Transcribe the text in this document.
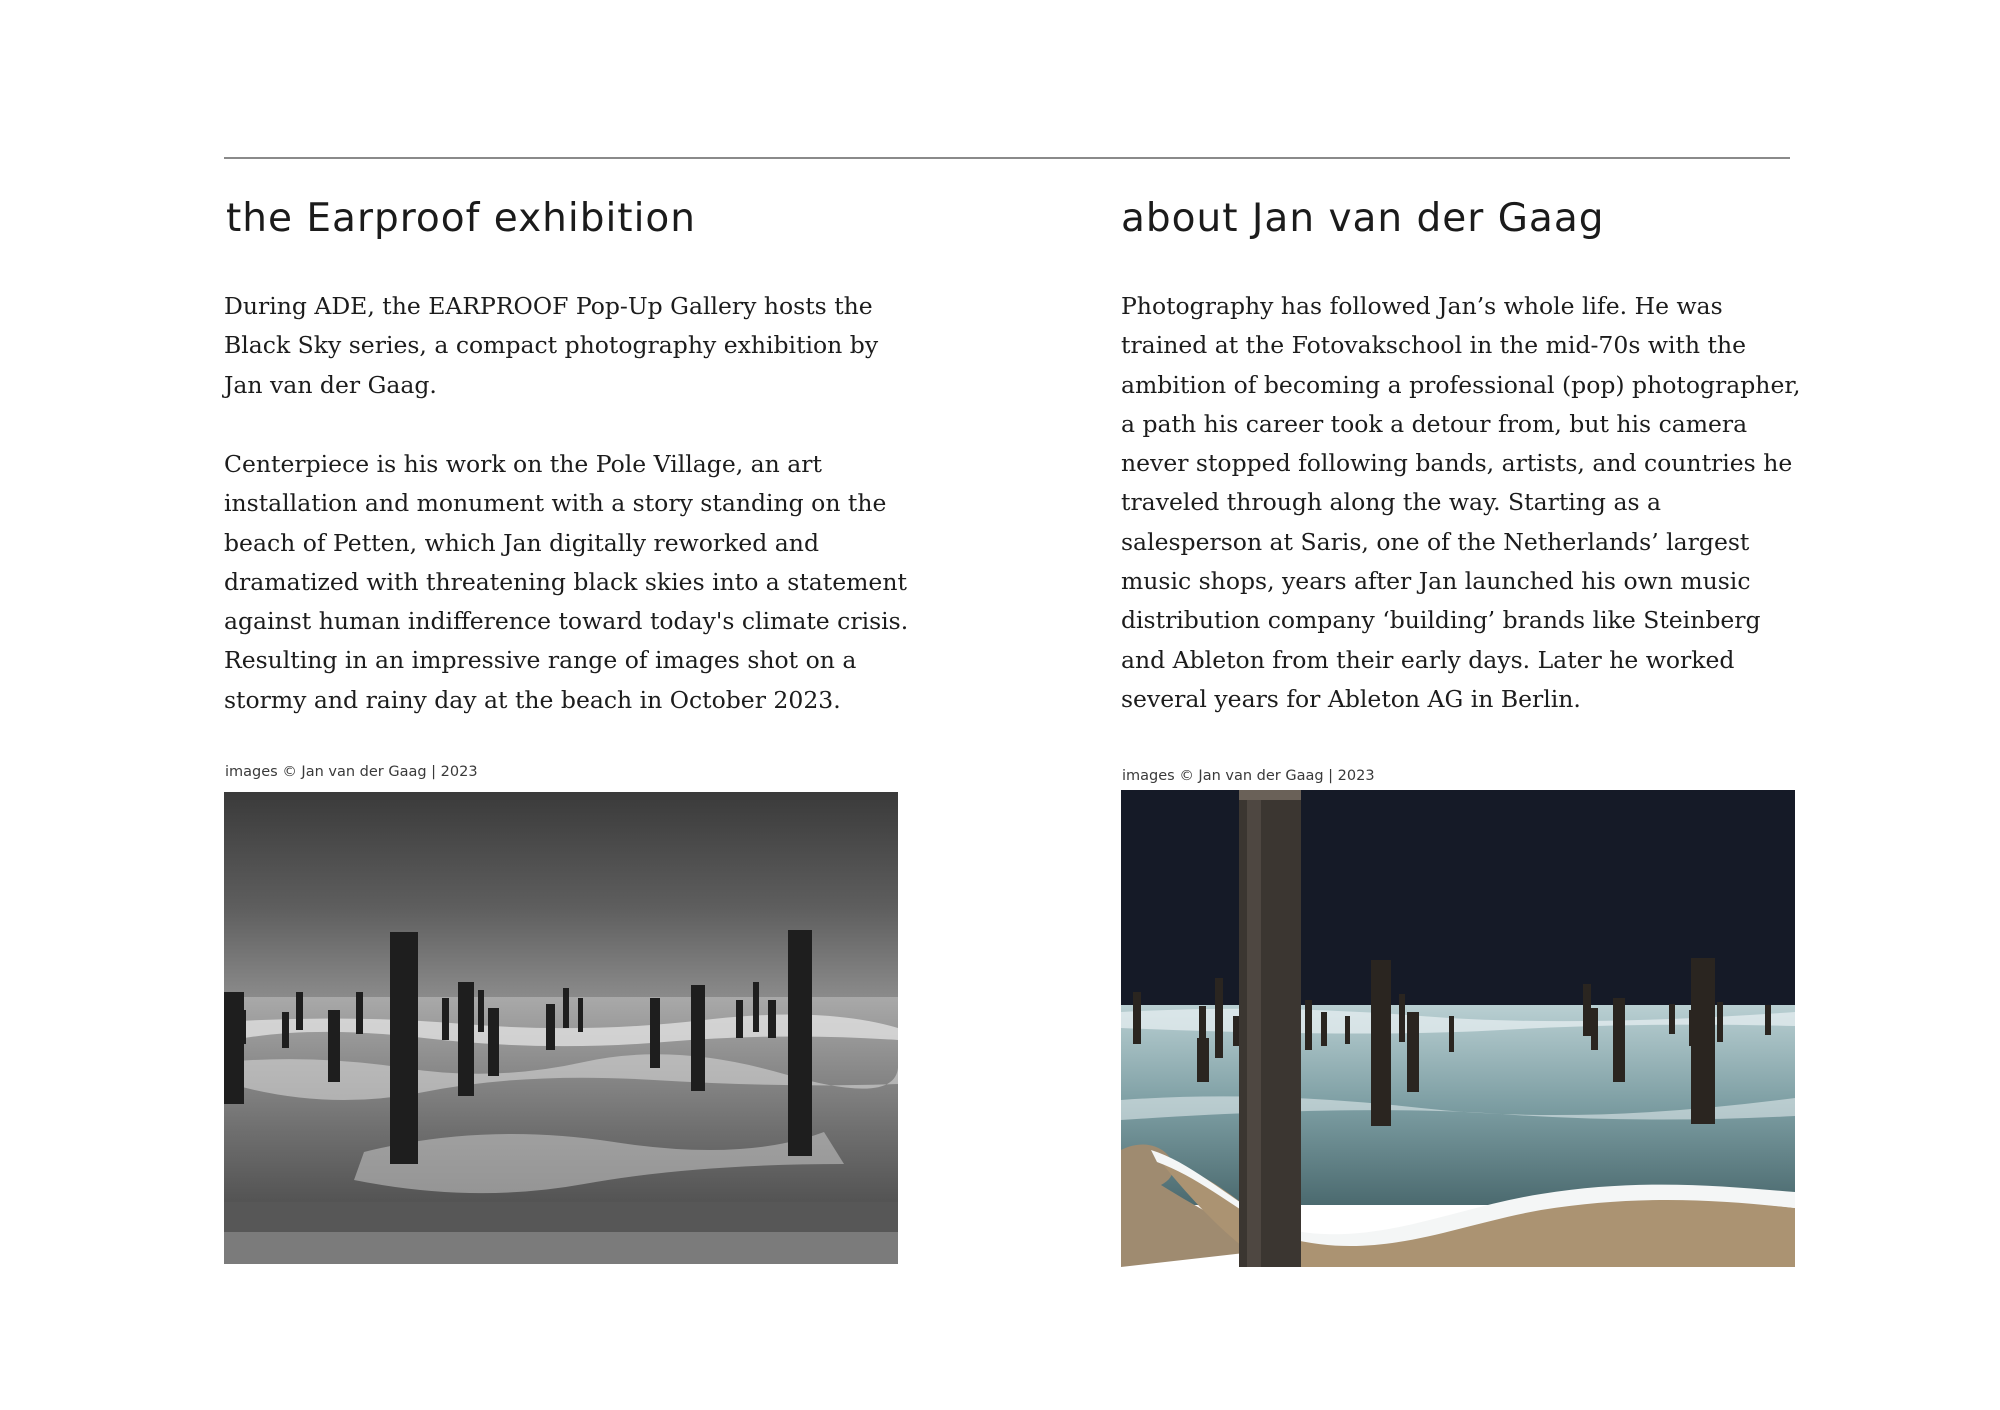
the Earproof exhibition

During ADE, the EARPROOF Pop-Up Gallery hosts the
Black Sky series, a compact photography exhibition by
Jan van der Gaag.

Centerpiece is his work on the Pole Village, an art
installation and monument with a story standing on the
beach of Petten, which Jan digitally reworked and
dramatized with threatening black skies into a statement
against human indifference toward today's climate crisis.
Resulting in an impressive range of images shot on a
stormy and rainy day at the beach in October 2023.

images © Jan van der Gaag | 2023
about Jan van der Gaag

Photography has followed Jan’s whole life. He was
trained at the Fotovakschool in the mid-70s with the
ambition of becoming a professional (pop) photographer,
a path his career took a detour from, but his camera
never stopped following bands, artists, and countries he
traveled through along the way. Starting as a
salesperson at Saris, one of the Netherlands’ largest
music shops, years after Jan launched his own music
distribution company ‘building’ brands like Steinberg
and Ableton from their early days. Later he worked
several years for Ableton AG in Berlin.

images © Jan van der Gaag | 2023
